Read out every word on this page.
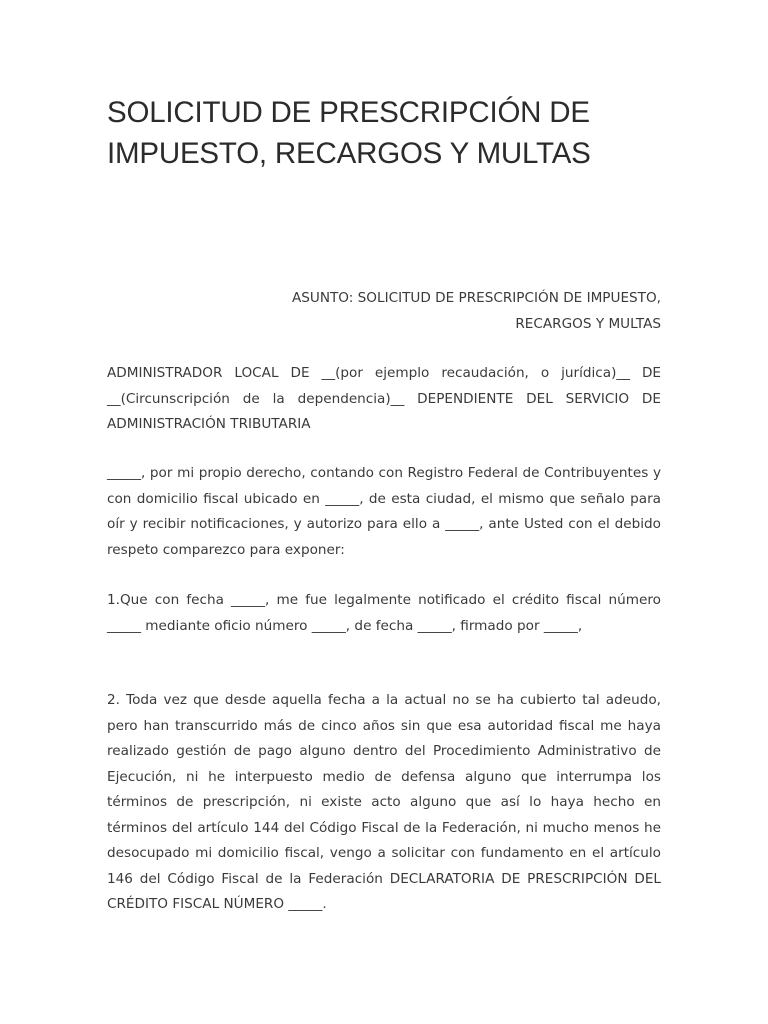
SOLICITUD DE PRESCRIPCIÓN DE IMPUESTO, RECARGOS Y MULTAS

ASUNTO: SOLICITUD DE PRESCRIPCIÓN DE IMPUESTO, RECARGOS Y MULTAS

ADMINISTRADOR LOCAL DE __(por ejemplo recaudación, o jurídica)__ DE __(Circunscripción de la dependencia)__ DEPENDIENTE DEL SERVICIO DE ADMINISTRACIÓN TRIBUTARIA

_____, por mi propio derecho, contando con Registro Federal de Contribuyentes y con domicilio fiscal ubicado en _____, de esta ciudad, el mismo que señalo para oír y recibir notificaciones, y autorizo para ello a _____, ante Usted con el debido respeto comparezco para exponer:

1.Que con fecha _____, me fue legalmente notificado el crédito fiscal número _____ mediante oficio número _____, de fecha _____, firmado por _____,

2. Toda vez que desde aquella fecha a la actual no se ha cubierto tal adeudo, pero han transcurrido más de cinco años sin que esa autoridad fiscal me haya realizado gestión de pago alguno dentro del Procedimiento Administrativo de Ejecución, ni he interpuesto medio de defensa alguno que interrumpa los términos de prescripción, ni existe acto alguno que así lo haya hecho en términos del artículo 144 del Código Fiscal de la Federación, ni mucho menos he desocupado mi domicilio fiscal, vengo a solicitar con fundamento en el artículo 146 del Código Fiscal de la Federación DECLARATORIA DE PRESCRIPCIÓN DEL CRÉDITO FISCAL NÚMERO _____.
